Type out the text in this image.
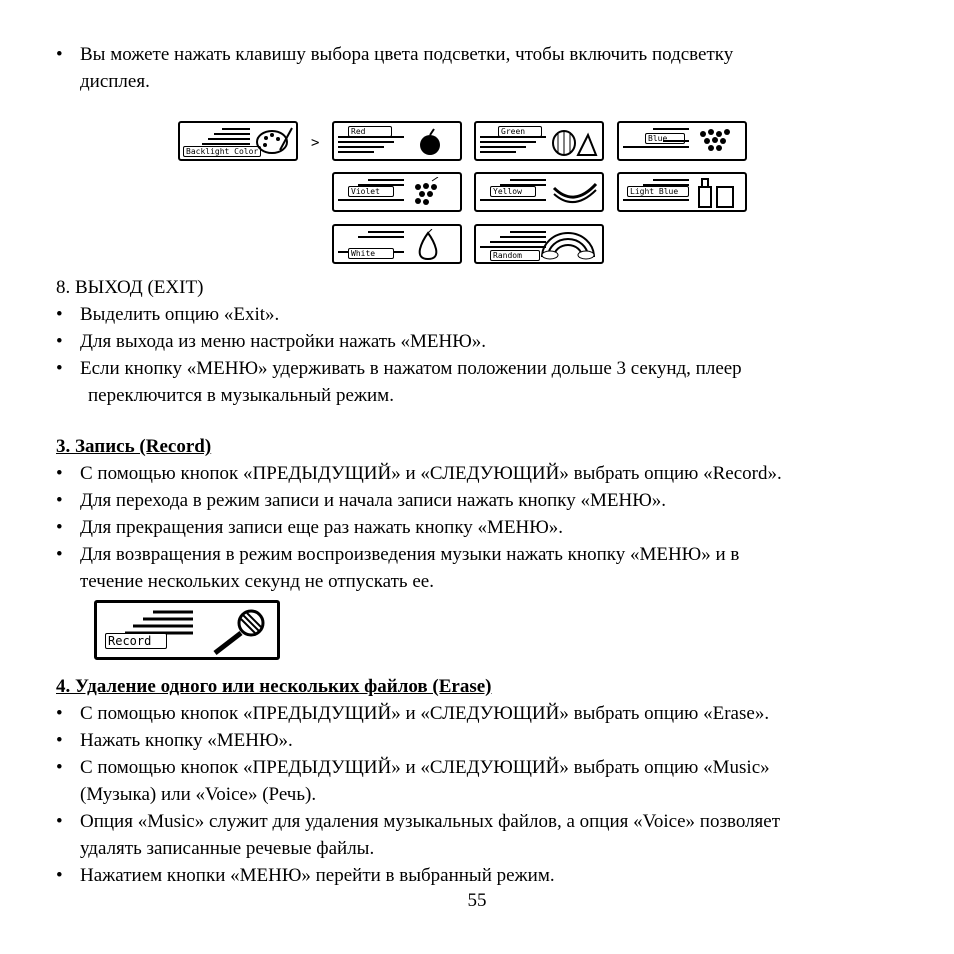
• Вы можете нажать клавишу выбора цвета подсветки, чтобы включить подсветку
дисплея.
Backlight Color
>
Red	Green
Blue
Violet	Yellow	Light Blue
White	Random
8. ВЫХОД (EXIT)
• Выделить опцию «Exit».
• Для выхода из меню настройки нажать «МЕНЮ».
• Если кнопку «МЕНЮ» удерживать в нажатом положении дольше 3 секунд, плеер
переключится в музыкальный режим.
3. Запись (Record)
• С помощью кнопок «ПРЕДЫДУЩИЙ» и «СЛЕДУЮЩИЙ» выбрать опцию «Record».
• Для перехода в режим записи и начала записи нажать кнопку «МЕНЮ».
• Для прекращения записи еще раз нажать кнопку «МЕНЮ».
• Для возвращения в режим воспроизведения музыки нажать кнопку «МЕНЮ» и в
течение нескольких секунд не отпускать ее.
Record
4. Удаление одного или нескольких файлов (Erase)
• С помощью кнопок «ПРЕДЫДУЩИЙ» и «СЛЕДУЮЩИЙ» выбрать опцию «Erase».
• Нажать кнопку «МЕНЮ».
• С помощью кнопок «ПРЕДЫДУЩИЙ» и «СЛЕДУЮЩИЙ» выбрать опцию «Music»
(Музыка) или «Voice» (Речь).
• Опция «Music» служит для удаления музыкальных файлов, а опция «Voice» позволяет
удалять записанные речевые файлы.
• Нажатием кнопки «МЕНЮ» перейти в выбранный режим.
55
